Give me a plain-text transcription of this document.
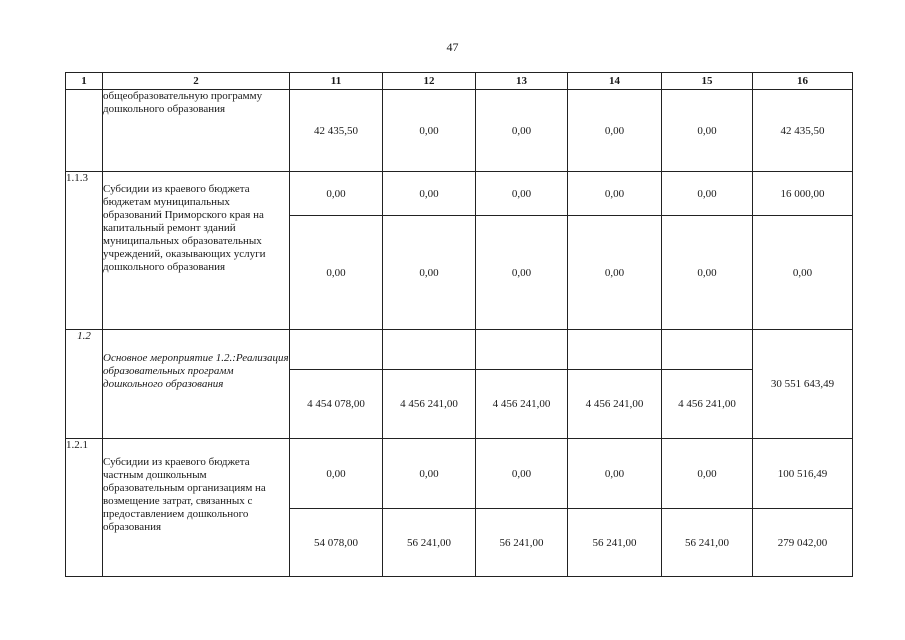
47
1	2	11	12	13	14	15	16

	общеобразовательную программу дошкольного образования	42 435,50	0,00	0,00	0,00	0,00	42 435,50
1.1.3	Субсидии из краевого бюджета бюджетам муниципальных образований Приморского края на капитальный ремонт зданий муниципальных образовательных учреждений, оказывающих услуги дошкольного образования	0,00	0,00	0,00	0,00	0,00	16 000,00
		0,00	0,00	0,00	0,00	0,00	0,00
1.2	Основное мероприятие 1.2.:Реализация образовательных программ дошкольного образования						30 551 643,49
		4 454 078,00	4 456 241,00	4 456 241,00	4 456 241,00	4 456 241,00	
1.2.1	Субсидии из краевого бюджета частным дошкольным образовательным организациям на возмещение затрат, связанных с предоставлением дошкольного образования	0,00	0,00	0,00	0,00	0,00	100 516,49
		54 078,00	56 241,00	56 241,00	56 241,00	56 241,00	279 042,00
